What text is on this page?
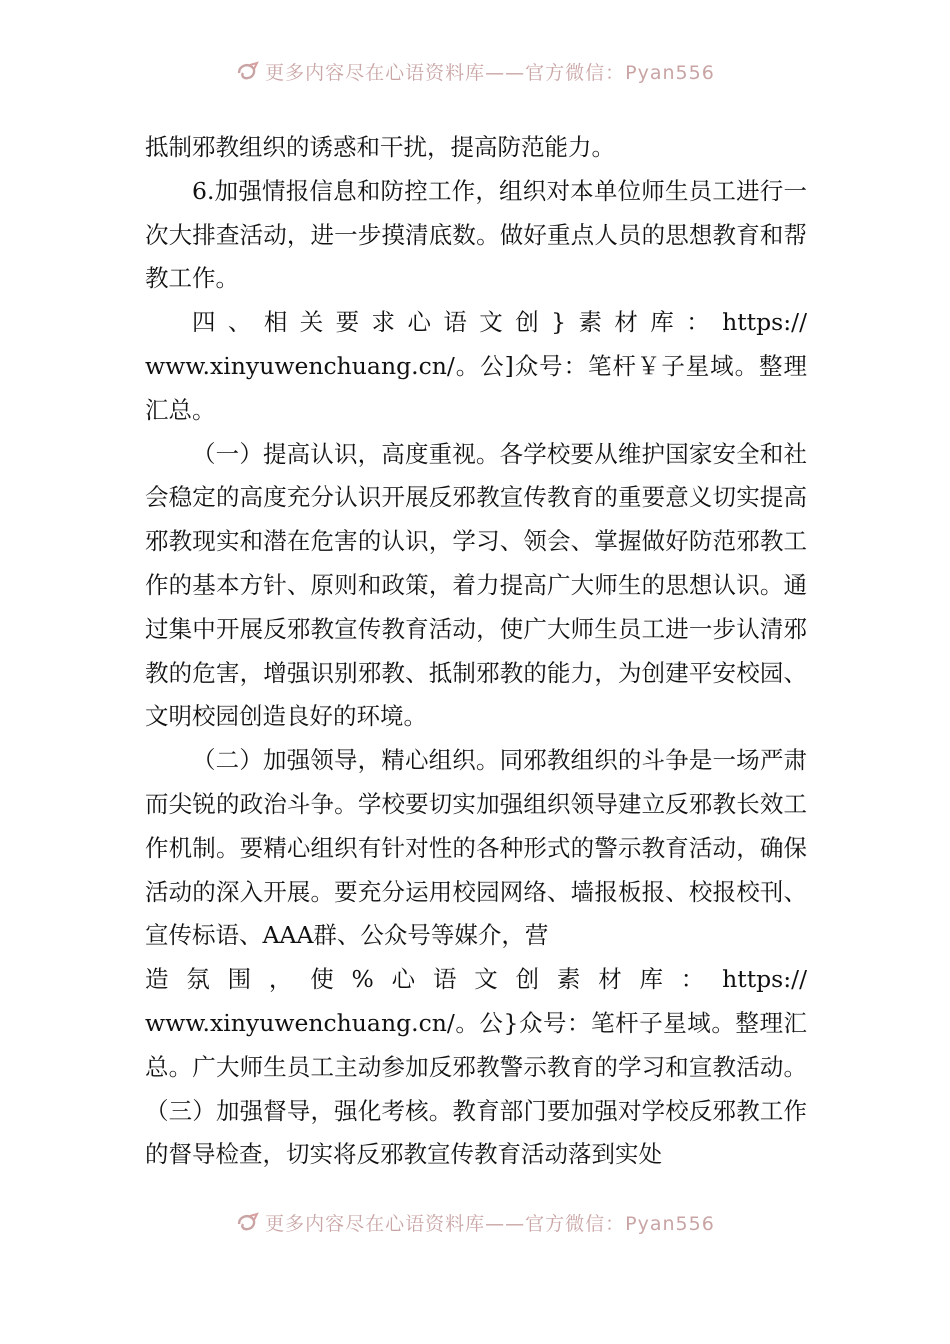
更多内容尽在心语资料库——官方微信：Pyan556

抵制邪教组织的诱惑和干扰，提高防范能力。

6.加强情报信息和防控工作，组织对本单位师生员工进行一次大排查活动，进一步摸清底数。做好重点人员的思想教育和帮教工作。

四、相关要求心语文创}素材库：https://

www.xinyuwenchuang.cn/。公]众号：笔杆￥子星域。整理汇总。

（一）提高认识，高度重视。各学校要从维护国家安全和社会稳定的高度充分认识开展反邪教宣传教育的重要意义切实提高邪教现实和潜在危害的认识，学习、领会、掌握做好防范邪教工作的基本方针、原则和政策，着力提高广大师生的思想认识。通过集中开展反邪教宣传教育活动，使广大师生员工进一步认清邪教的危害，增强识别邪教、抵制邪教的能力，为创建平安校园、文明校园创造良好的环境。

（二）加强领导，精心组织。同邪教组织的斗争是一场严肃而尖锐的政治斗争。学校要切实加强组织领导建立反邪教长效工作机制。要精心组织有针对性的各种形式的警示教育活动，确保活动的深入开展。要充分运用校园网络、墙报板报、校报校刊、宣传标语、AAA群、公众号等媒介，营

造氛围，使%心语文创素材库：https://

www.xinyuwenchuang.cn/。公}众号：笔杆子星域。整理汇总。广大师生员工主动参加反邪教警示教育的学习和宣教活动。（三）加强督导，强化考核。教育部门要加强对学校反邪教工作的督导检查，切实将反邪教宣传教育活动落到实处

更多内容尽在心语资料库——官方微信：Pyan556
